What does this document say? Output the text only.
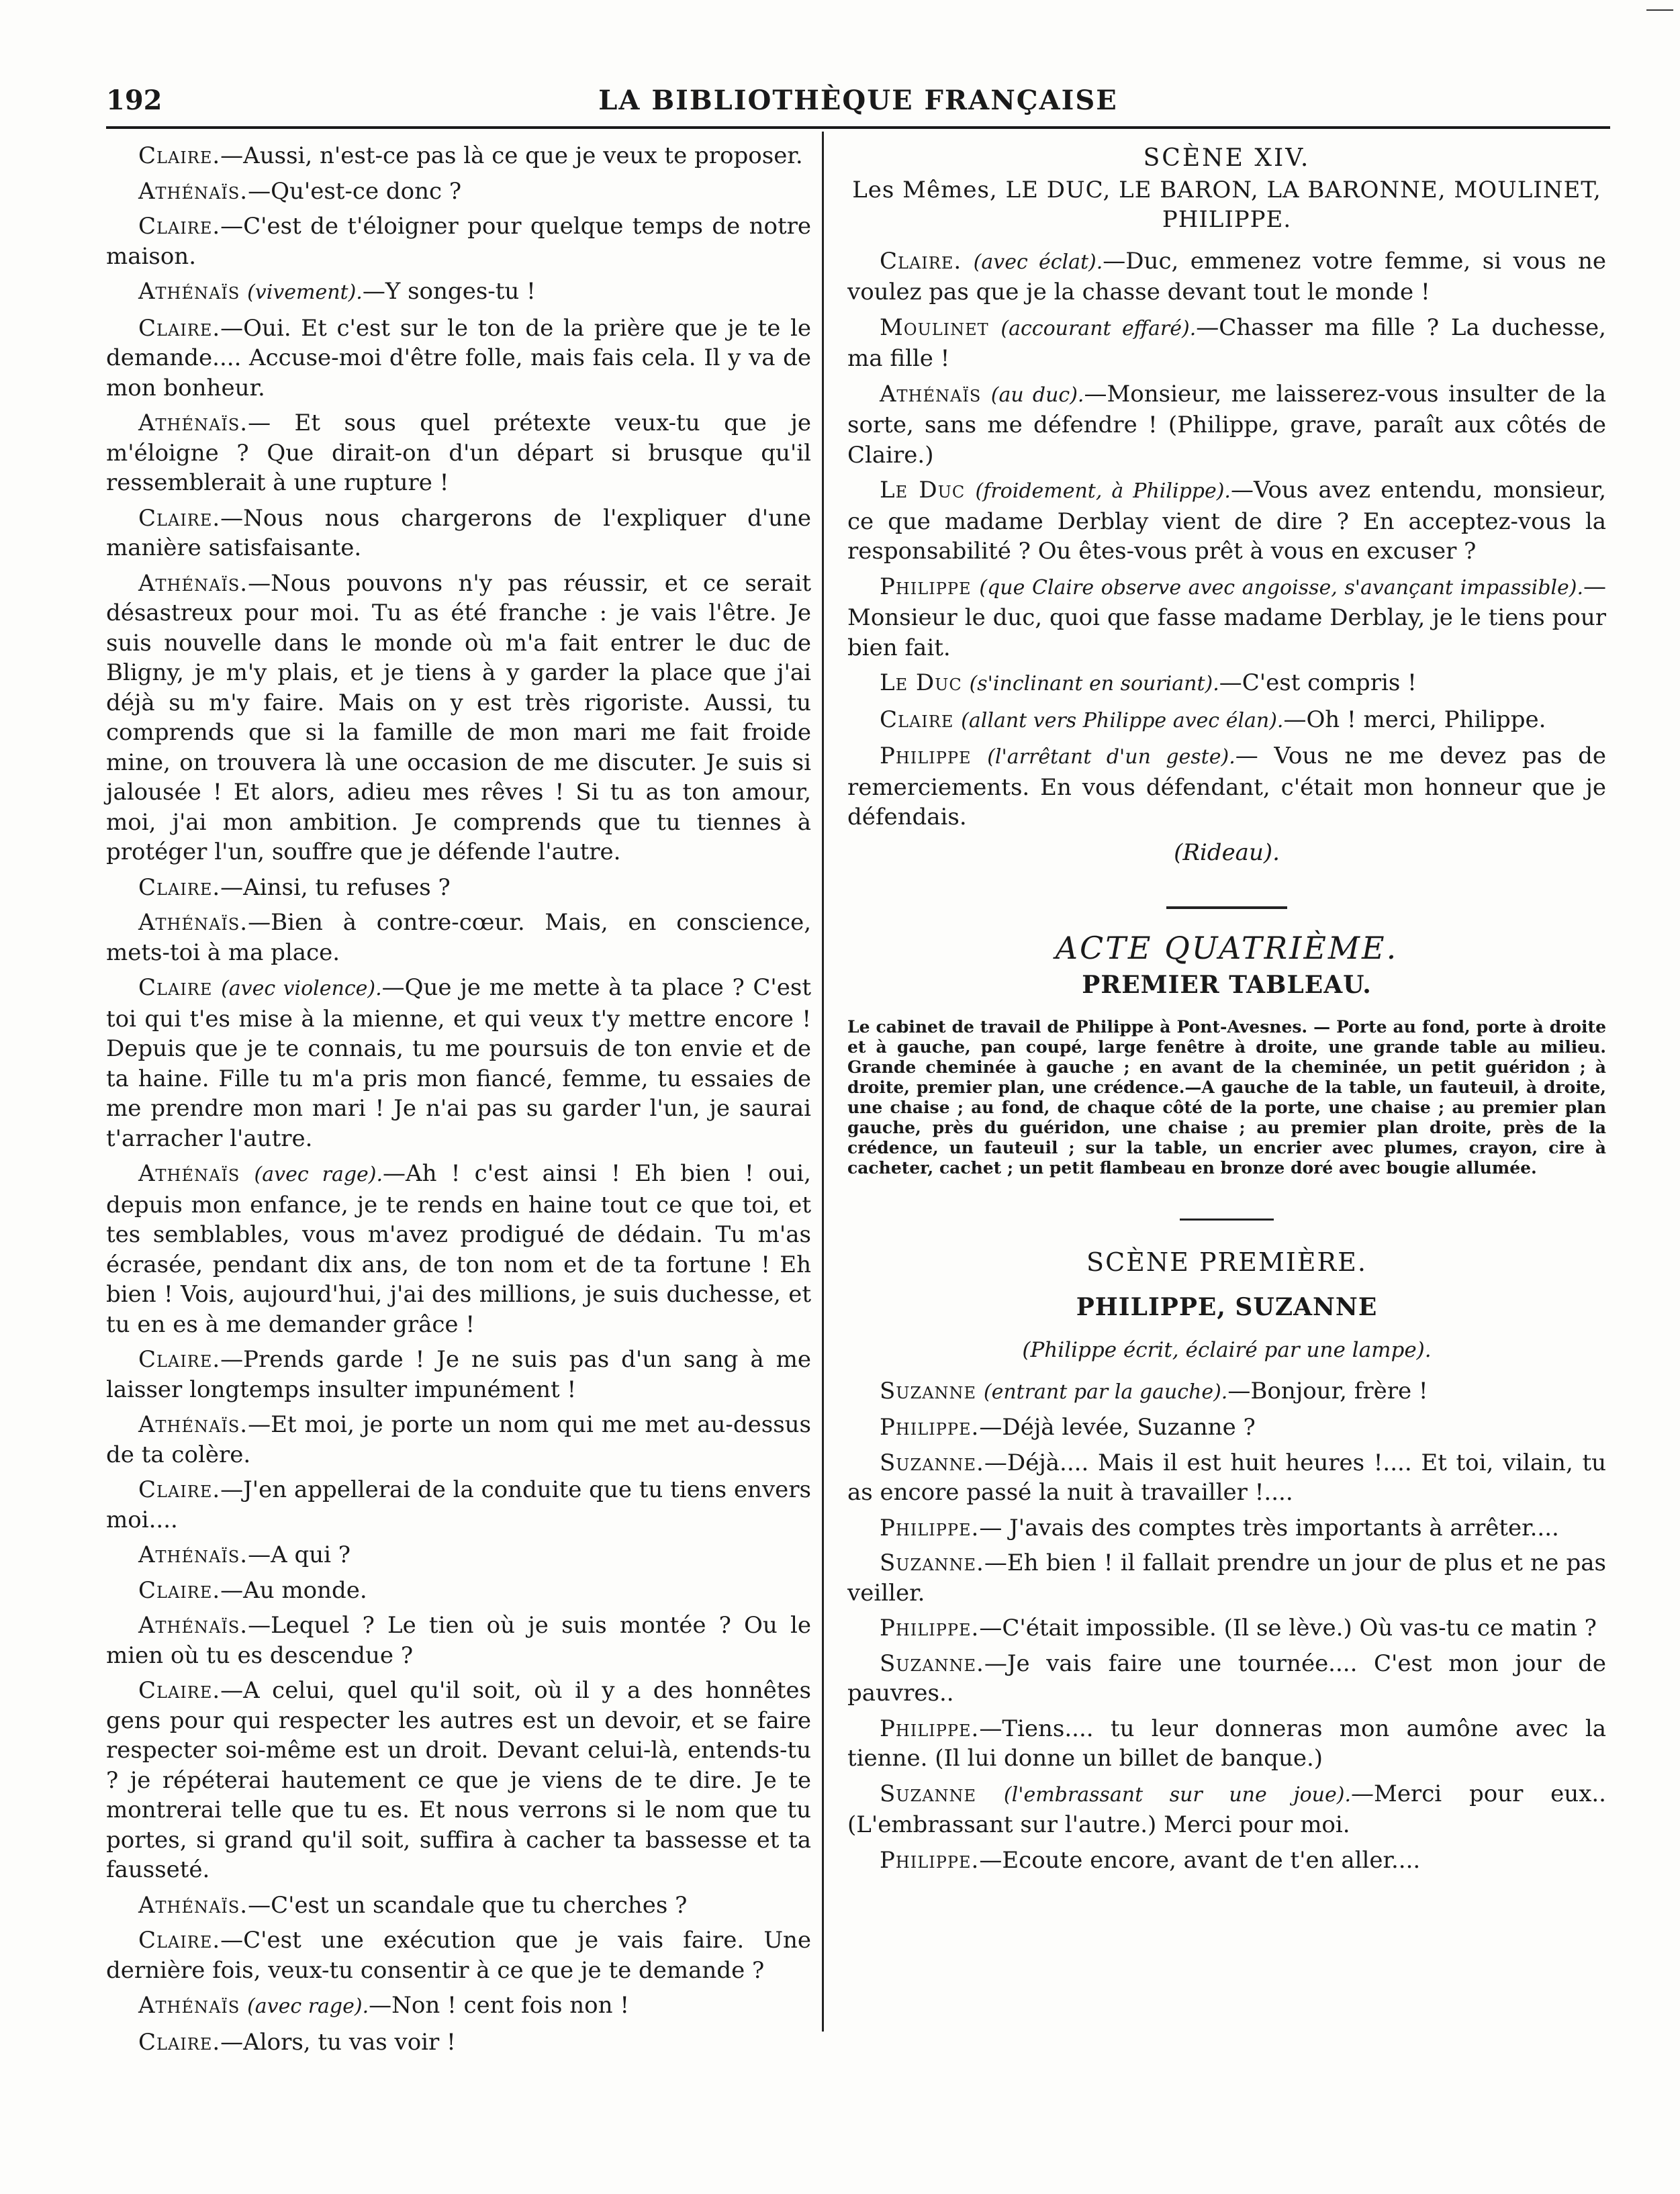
192	LA BIBLIOTHÈQUE FRANÇAISE

Claire.—Aussi, n'est-ce pas là ce que je veux te proposer.

Athénaïs.—Qu'est-ce donc ?

Claire.—C'est de t'éloigner pour quelque temps de notre maison.

Athénaïs (vivement).—Y songes-tu !

Claire.—Oui. Et c'est sur le ton de la prière que je te le demande.... Accuse-moi d'être folle, mais fais cela. Il y va de mon bonheur.

Athénaïs.— Et sous quel prétexte veux-tu que je m'éloigne ? Que dirait-on d'un départ si brusque qu'il ressemblerait à une rupture !

Claire.—Nous nous chargerons de l'expliquer d'une manière satisfaisante.

Athénaïs.—Nous pouvons n'y pas réussir, et ce serait désastreux pour moi. Tu as été franche : je vais l'être. Je suis nouvelle dans le monde où m'a fait entrer le duc de Bligny, je m'y plais, et je tiens à y garder la place que j'ai déjà su m'y faire. Mais on y est très rigoriste. Aussi, tu comprends que si la famille de mon mari me fait froide mine, on trouvera là une occasion de me discuter. Je suis si jalousée ! Et alors, adieu mes rêves ! Si tu as ton amour, moi, j'ai mon ambition. Je comprends que tu tiennes à protéger l'un, souffre que je défende l'autre.

Claire.—Ainsi, tu refuses ?

Athénaïs.—Bien à contre-cœur. Mais, en conscience, mets-toi à ma place.

Claire (avec violence).—Que je me mette à ta place ? C'est toi qui t'es mise à la mienne, et qui veux t'y mettre encore ! Depuis que je te connais, tu me poursuis de ton envie et de ta haine. Fille tu m'a pris mon fiancé, femme, tu essaies de me prendre mon mari ! Je n'ai pas su garder l'un, je saurai t'arracher l'autre.

Athénaïs (avec rage).—Ah ! c'est ainsi ! Eh bien ! oui, depuis mon enfance, je te rends en haine tout ce que toi, et tes semblables, vous m'avez prodigué de dédain. Tu m'as écrasée, pendant dix ans, de ton nom et de ta fortune ! Eh bien ! Vois, aujourd'hui, j'ai des millions, je suis duchesse, et tu en es à me demander grâce !

Claire.—Prends garde ! Je ne suis pas d'un sang à me laisser longtemps insulter impunément !

Athénaïs.—Et moi, je porte un nom qui me met au-dessus de ta colère.

Claire.—J'en appellerai de la conduite que tu tiens envers moi....

Athénaïs.—A qui ?

Claire.—Au monde.

Athénaïs.—Lequel ? Le tien où je suis montée ? Ou le mien où tu es descendue ?

Claire.—A celui, quel qu'il soit, où il y a des honnêtes gens pour qui respecter les autres est un devoir, et se faire respecter soi-même est un droit. Devant celui-là, entends-tu ? je répéterai hautement ce que je viens de te dire. Je te montrerai telle que tu es. Et nous verrons si le nom que tu portes, si grand qu'il soit, suffira à cacher ta bassesse et ta fausseté.

Athénaïs.—C'est un scandale que tu cherches ?

Claire.—C'est une exécution que je vais faire. Une dernière fois, veux-tu consentir à ce que je te demande ?

Athénaïs (avec rage).—Non ! cent fois non !

Claire.—Alors, tu vas voir !

SCÈNE XIV.
Les Mêmes, LE DUC, LE BARON, LA BARONNE, MOULINET, PHILIPPE.

Claire. (avec éclat).—Duc, emmenez votre femme, si vous ne voulez pas que je la chasse devant tout le monde !

Moulinet (accourant effaré).—Chasser ma fille ? La duchesse, ma fille !

Athénaïs (au duc).—Monsieur, me laisserez-vous insulter de la sorte, sans me défendre ! (Philippe, grave, paraît aux côtés de Claire.)

Le Duc (froidement, à Philippe).—Vous avez entendu, monsieur, ce que madame Derblay vient de dire ? En acceptez-vous la responsabilité ? Ou êtes-vous prêt à vous en excuser ?

Philippe (que Claire observe avec angoisse, s'avançant impassible).—Monsieur le duc, quoi que fasse madame Derblay, je le tiens pour bien fait.

Le Duc (s'inclinant en souriant).—C'est compris !

Claire (allant vers Philippe avec élan).—Oh ! merci, Philippe.

Philippe (l'arrêtant d'un geste).— Vous ne me devez pas de remerciements. En vous défendant, c'était mon honneur que je défendais.

(Rideau).
ACTE QUATRIÈME.
PREMIER TABLEAU.
Le cabinet de travail de Philippe à Pont-Avesnes. — Porte au fond, porte à droite et à gauche, pan coupé, large fenêtre à droite, une grande table au milieu. Grande cheminée à gauche ; en avant de la cheminée, un petit guéridon ; à droite, premier plan, une crédence.—A gauche de la table, un fauteuil, à droite, une chaise ; au fond, de chaque côté de la porte, une chaise ; au premier plan gauche, près du guéridon, une chaise ; au premier plan droite, près de la crédence, un fauteuil ; sur la table, un encrier avec plumes, crayon, cire à cacheter, cachet ; un petit flambeau en bronze doré avec bougie allumée.
SCÈNE PREMIÈRE.
PHILIPPE, SUZANNE
(Philippe écrit, éclairé par une lampe).

Suzanne (entrant par la gauche).—Bonjour, frère !

Philippe.—Déjà levée, Suzanne ?

Suzanne.—Déjà.... Mais il est huit heures !.... Et toi, vilain, tu as encore passé la nuit à travailler !....

Philippe.— J'avais des comptes très importants à arrêter....

Suzanne.—Eh bien ! il fallait prendre un jour de plus et ne pas veiller.

Philippe.—C'était impossible. (Il se lève.) Où vas-tu ce matin ?

Suzanne.—Je vais faire une tournée.... C'est mon jour de pauvres..

Philippe.—Tiens.... tu leur donneras mon aumône avec la tienne. (Il lui donne un billet de banque.)

Suzanne (l'embrassant sur une joue).—Merci pour eux.. (L'embrassant sur l'autre.) Merci pour moi.

Philippe.—Ecoute encore, avant de t'en aller....
